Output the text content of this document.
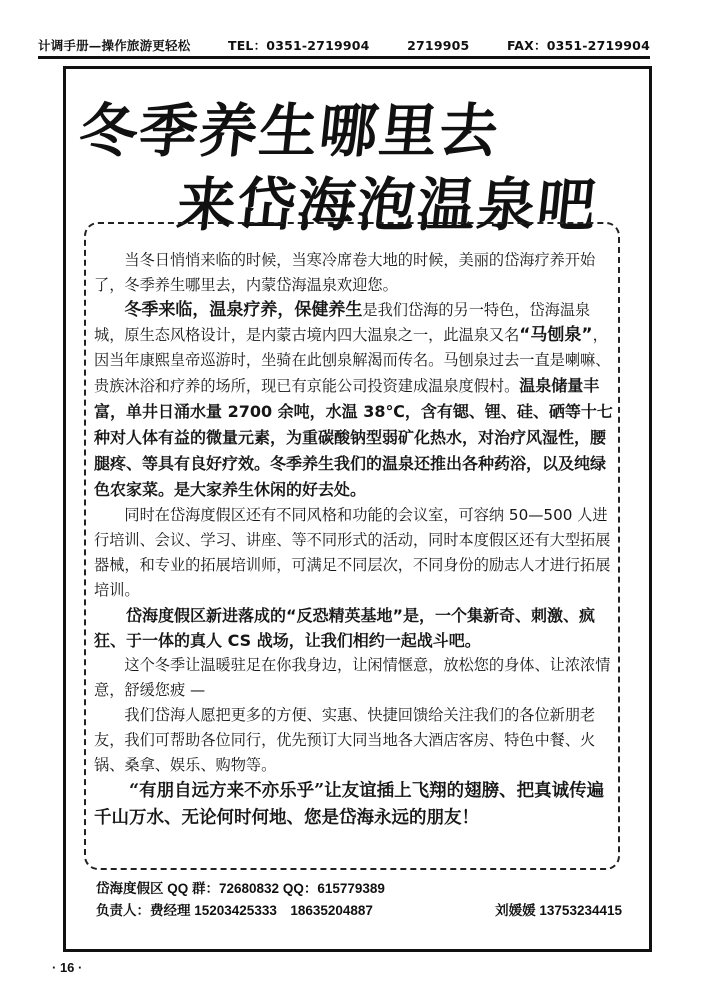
计调手册—操作旅游更轻松	TEL：0351-2719904	2719905	FAX：0351-2719904
冬季养生哪里去
来岱海泡温泉吧

当冬日悄悄来临的时候，当寒冷席卷大地的时候，美丽的岱海疗养开始了，冬季养生哪里去，内蒙岱海温泉欢迎您。

冬季来临，温泉疗养，保健养生是我们岱海的另一特色，岱海温泉城，原生态风格设计，是内蒙古境内四大温泉之一，此温泉又名“马刨泉”，因当年康熙皇帝巡游时，坐骑在此刨泉解渴而传名。马刨泉过去一直是喇嘛、贵族沐浴和疗养的场所，现已有京能公司投资建成温泉度假村。温泉储量丰富，单井日涌水量 2700 余吨，水温 38℃，含有锶、锂、硅、硒等十七种对人体有益的微量元素，为重碳酸钠型弱矿化热水，对治疗风湿性，腰腿疼、等具有良好疗效。冬季养生我们的温泉还推出各种药浴，以及纯绿色农家菜。是大家养生休闲的好去处。

同时在岱海度假区还有不同风格和功能的会议室，可容纳 50—500 人进行培训、会议、学习、讲座、等不同形式的活动，同时本度假区还有大型拓展器械，和专业的拓展培训师，可满足不同层次，不同身份的励志人才进行拓展培训。

岱海度假区新进落成的“反恐精英基地”是，一个集新奇、刺激、疯狂、于一体的真人 CS 战场，让我们相约一起战斗吧。

这个冬季让温暖驻足在你我身边，让闲情惬意，放松您的身体、让浓浓情意，舒缓您疲 —

我们岱海人愿把更多的方便、实惠、快捷回馈给关注我们的各位新朋老友，我们可帮助各位同行，优先预订大同当地各大酒店客房、特色中餐、火锅、桑拿、娱乐、购物等。

“有朋自远方来不亦乐乎”让友谊插上飞翔的翅膀、把真诚传遍千山万水、无论何时何地、您是岱海永远的朋友！

岱海度假区 QQ 群：72680832 QQ：615779389
负责人：费经理 15203425333　18635204887	刘媛媛 13753234415
· 16 ·
